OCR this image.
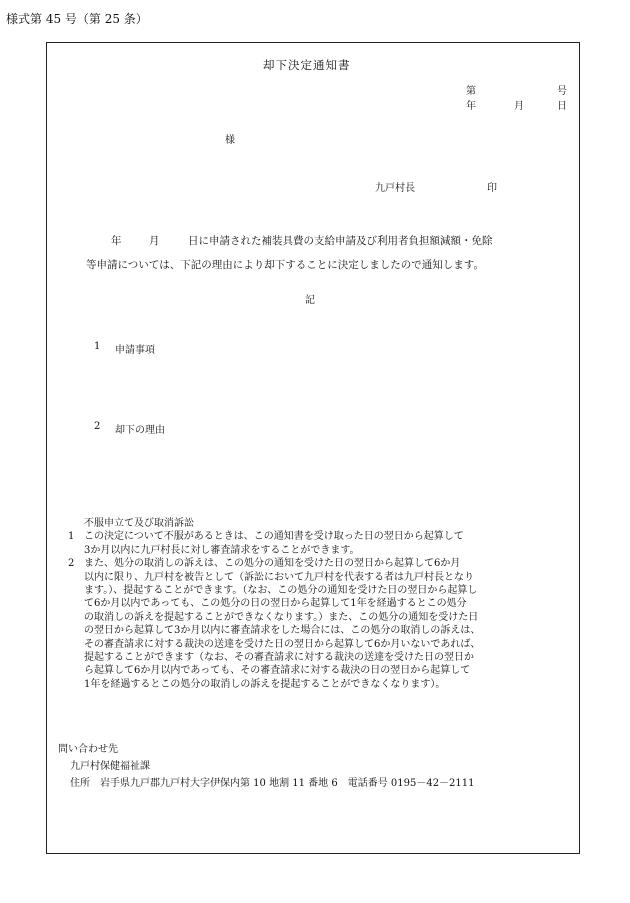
様式第 45 号（第 25 条）
却下決定通知書
第	号
年	月	日
様
九戸村長	印
年	月	日に申請された補装具費の支給申請及び利用者負担額減額・免除
等申請については、下記の理由により却下することに決定しましたので通知します。
記
1 申請事項
2 却下の理由
不服申立て及び取消訴訟
1 この決定について不服があるときは、この通知書を受け取った日の翌日から起算して
3か月以内に九戸村長に対し審査請求をすることができます。
2 また、処分の取消しの訴えは、この処分の通知を受けた日の翌日から起算して6か月
以内に限り、九戸村を被告として（訴訟において九戸村を代表する者は九戸村長となり
ます。）、提起することができます。（なお、この処分の通知を受けた日の翌日から起算し
て6か月以内であっても、この処分の日の翌日から起算して1年を経過するとこの処分
の取消しの訴えを提起することができなくなります。）また、この処分の通知を受けた日
の翌日から起算して3か月以内に審査請求をした場合には、この処分の取消しの訴えは、
その審査請求に対する裁決の送達を受けた日の翌日から起算して6か月いないであれば、
提起することができます（なお、その審査請求に対する裁決の送達を受けた日の翌日か
ら起算して6か月以内であっても、その審査請求に対する裁決の日の翌日から起算して
1年を経過するとこの処分の取消しの訴えを提起することができなくなります）。
問い合わせ先
九戸村保健福祉課
住所　岩手県九戸郡九戸村大字伊保内第 10 地割 11 番地 6　電話番号 0195－42－2111
